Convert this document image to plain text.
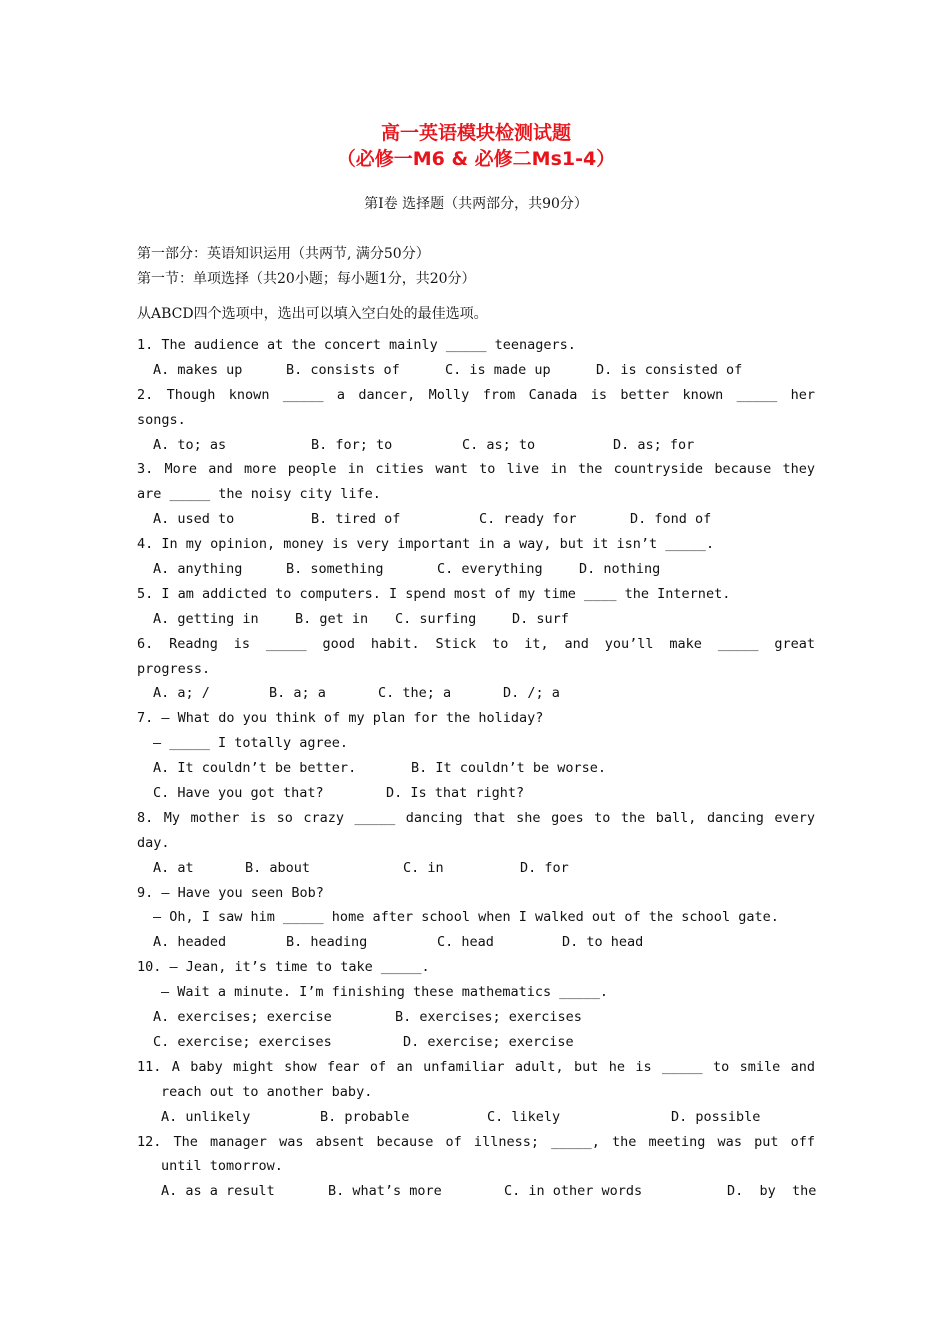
高一英语模块检测试题
（必修一M6 & 必修二Ms1-4）
第Ⅰ卷 选择题（共两部分，共90分）
第一部分：英语知识运用（共两节, 满分50分）
第一节：单项选择（共20小题；每小题1分，共20分）
从ABCD四个选项中，选出可以填入空白处的最佳选项。
1. The audience at the concert mainly _____ teenagers.

A. makes up

	B. consists of

	C. is made up

	D. is consisted of

2. Though known _____ a dancer, Molly from Canada is better known _____ her
songs.

A. to; as

	B. for; to

	C. as; to

	D. as; for

3. More and more people in cities want to live in the countryside because they
are _____ the noisy city life.

A. used to

	B. tired of

	C. ready for

	D. fond of

4. In my opinion, money is very important in a way, but it isn’t _____.

A. anything

	B. something

	C. everything

	D. nothing

5. I am addicted to computers. I spend most of my time ____ the Internet.

A. getting in

	B. get in

C. surfing

	D. surf

6. Readng is _____ good habit. Stick to it, and you’ll make _____ great
progress.

A. a; /

	B. a; a

	C. the; a

	D. /; a

7. — What do you think of my plan for the holiday?
— _____ I totally agree.

A. It couldn’t be better.

	B. It couldn’t be worse.

C. Have you got that?

	D. Is that right?

8. My mother is so crazy _____ dancing that she goes to the ball, dancing every
day.

A. at

	B. about

	C. in

	D. for

9. — Have you seen Bob?
— Oh, I saw him _____ home after school when I walked out of the school gate.

A. headed

	B. heading

	C. head

	D. to head

10. — Jean, it’s time to take _____.
— Wait a minute. I’m finishing these mathematics _____.

A. exercises; exercise

	B. exercises; exercises

C. exercise; exercises

	D. exercise; exercise

11. A baby might show fear of an unfamiliar adult, but he is _____ to smile and
reach out to another baby.

A. unlikely

	B. probable

	C. likely

	D. possible

12. The manager was absent because of illness; _____, the meeting was put off
until tomorrow.

A. as a result

	B. what’s more

	C. in other words

	D.  by  the
